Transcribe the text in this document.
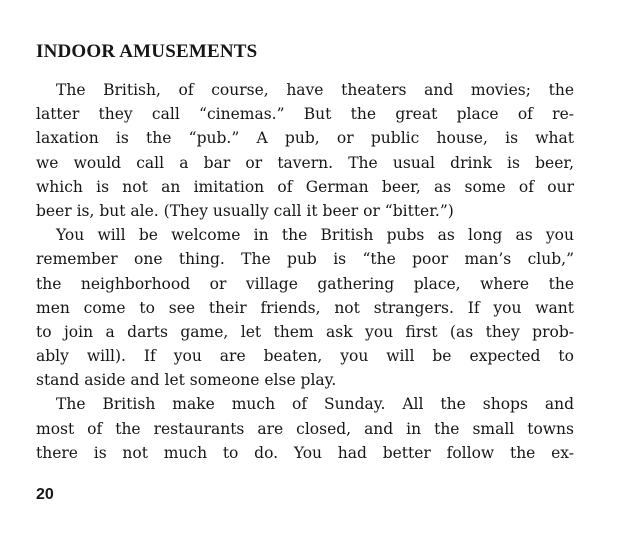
INDOOR AMUSEMENTS
The British, of course, have theaters and movies; the
latter they call “cinemas.” But the great place of re-
laxation is the “pub.” A pub, or public house, is what
we would call a bar or tavern. The usual drink is beer,
which is not an imitation of German beer, as some of our
beer is, but ale. (They usually call it beer or “bitter.”)
You will be welcome in the British pubs as long as you
remember one thing. The pub is “the poor man’s club,”
the neighborhood or village gathering place, where the
men come to see their friends, not strangers. If you want
to join a darts game, let them ask you first (as they prob-
ably will). If you are beaten, you will be expected to
stand aside and let someone else play.
The British make much of Sunday. All the shops and
most of the restaurants are closed, and in the small towns
there is not much to do. You had better follow the ex-
20
